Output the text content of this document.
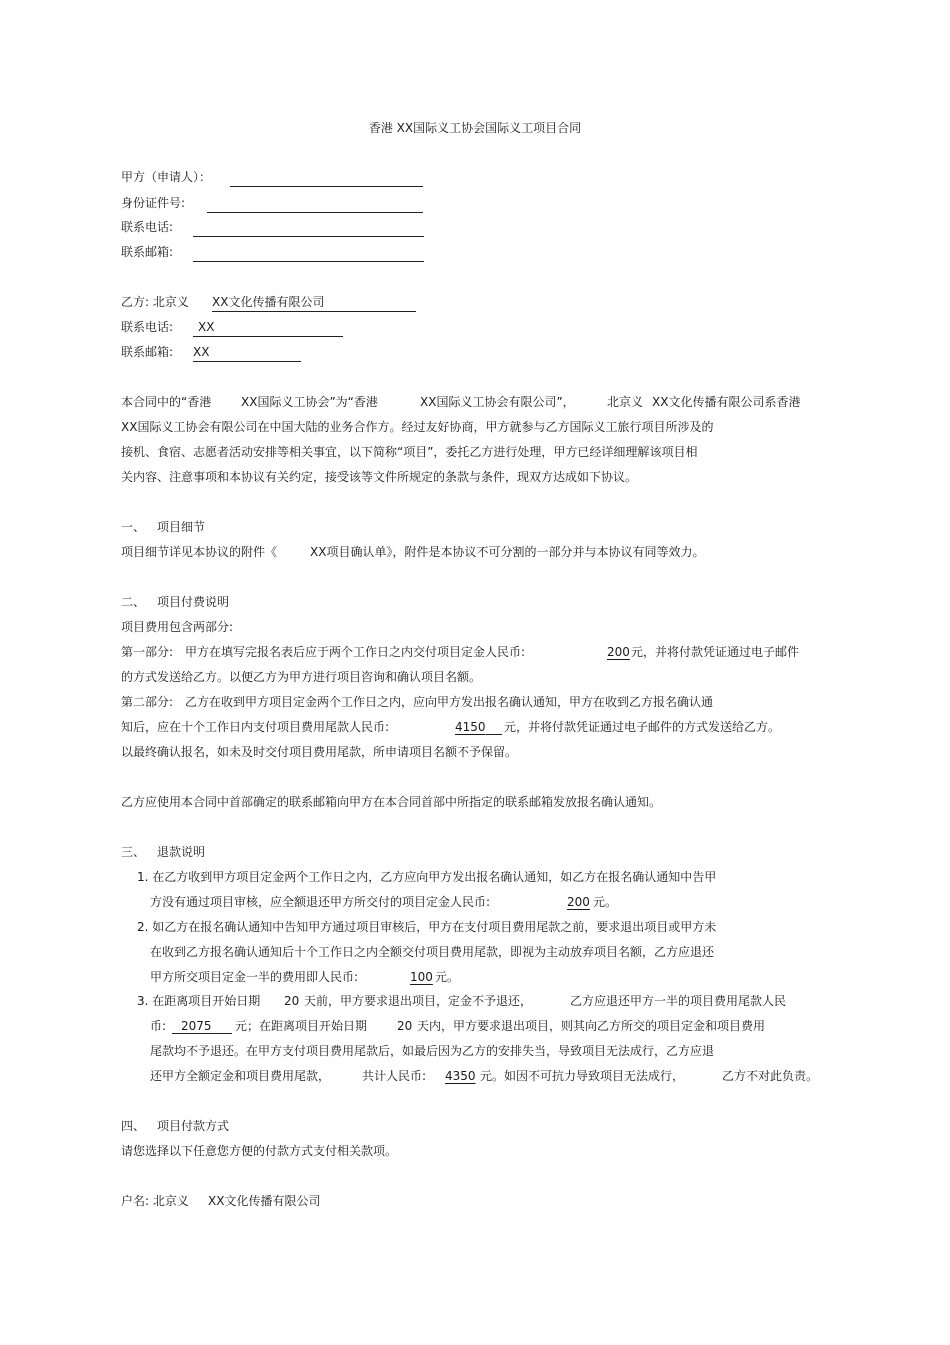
香港 XX国际义工协会国际义工项目合同
甲方（申请人）：
身份证件号:
联系电话:
联系邮箱:
乙方: 北京义 XX文化传播有限公司
联系电话: XX
联系邮箱: XX
本合同中的“香港 XX国际义工协会”为“香港	XX国际义工协会有限公司”，	北京义 XX文化传播有限公司系香港
XX国际义工协会有限公司在中国大陆的业务合作方。经过友好协商，甲方就参与乙方国际义工旅行项目所涉及的
接机、食宿、志愿者活动安排等相关事宜，以下简称“项目”，委托乙方进行处理，甲方已经详细理解该项目相
关内容、注意事项和本协议有关约定，接受该等文件所规定的条款与条件，现双方达成如下协议。
一、 项目细节
项目细节详见本协议的附件《	XX项目确认单》，附件是本协议不可分割的一部分并与本协议有同等效力。
二、 项目付费说明
项目费用包含两部分:
第一部分:　甲方在填写完报名表后应于两个工作日之内交付项目定金人民币:	200 元，并将付款凭证通过电子邮件
的方式发送给乙方。以便乙方为甲方进行项目咨询和确认项目名额。
第二部分:　乙方在收到甲方项目定金两个工作日之内，应向甲方发出报名确认通知，甲方在收到乙方报名确认通
知后，应在十个工作日内支付项目费用尾款人民币:	4150 元，并将付款凭证通过电子邮件的方式发送给乙方。
以最终确认报名，如未及时交付项目费用尾款，所申请项目名额不予保留。
乙方应使用本合同中首部确定的联系邮箱向甲方在本合同首部中所指定的联系邮箱发放报名确认通知。
三、 退款说明
1. 在乙方收到甲方项目定金两个工作日之内，乙方应向甲方发出报名确认通知，如乙方在报名确认通知中告甲
方没有通过项目审核，应全额退还甲方所交付的项目定金人民币:	200 元。
2. 如乙方在报名确认通知中告知甲方通过项目审核后，甲方在支付项目费用尾款之前，要求退出项目或甲方未
在收到乙方报名确认通知后十个工作日之内全额交付项目费用尾款，即视为主动放弃项目名额，乙方应退还
甲方所交项目定金一半的费用即人民币:	100 元。
3. 在距离项目开始日期 20 天前，甲方要求退出项目，定金不予退还，	乙方应退还甲方一半的项目费用尾款人民
币: 2075 元；在距离项目开始日期 20 天内，甲方要求退出项目，则其向乙方所交的项目定金和项目费用
尾款均不予退还。在甲方支付项目费用尾款后，如最后因为乙方的安排失当，导致项目无法成行，乙方应退
还甲方全额定金和项目费用尾款，	共计人民币: 4350 元。如因不可抗力导致项目无法成行，	乙方不对此负责。
四、 项目付款方式
请您选择以下任意您方便的付款方式支付相关款项。
户名: 北京义 XX文化传播有限公司
